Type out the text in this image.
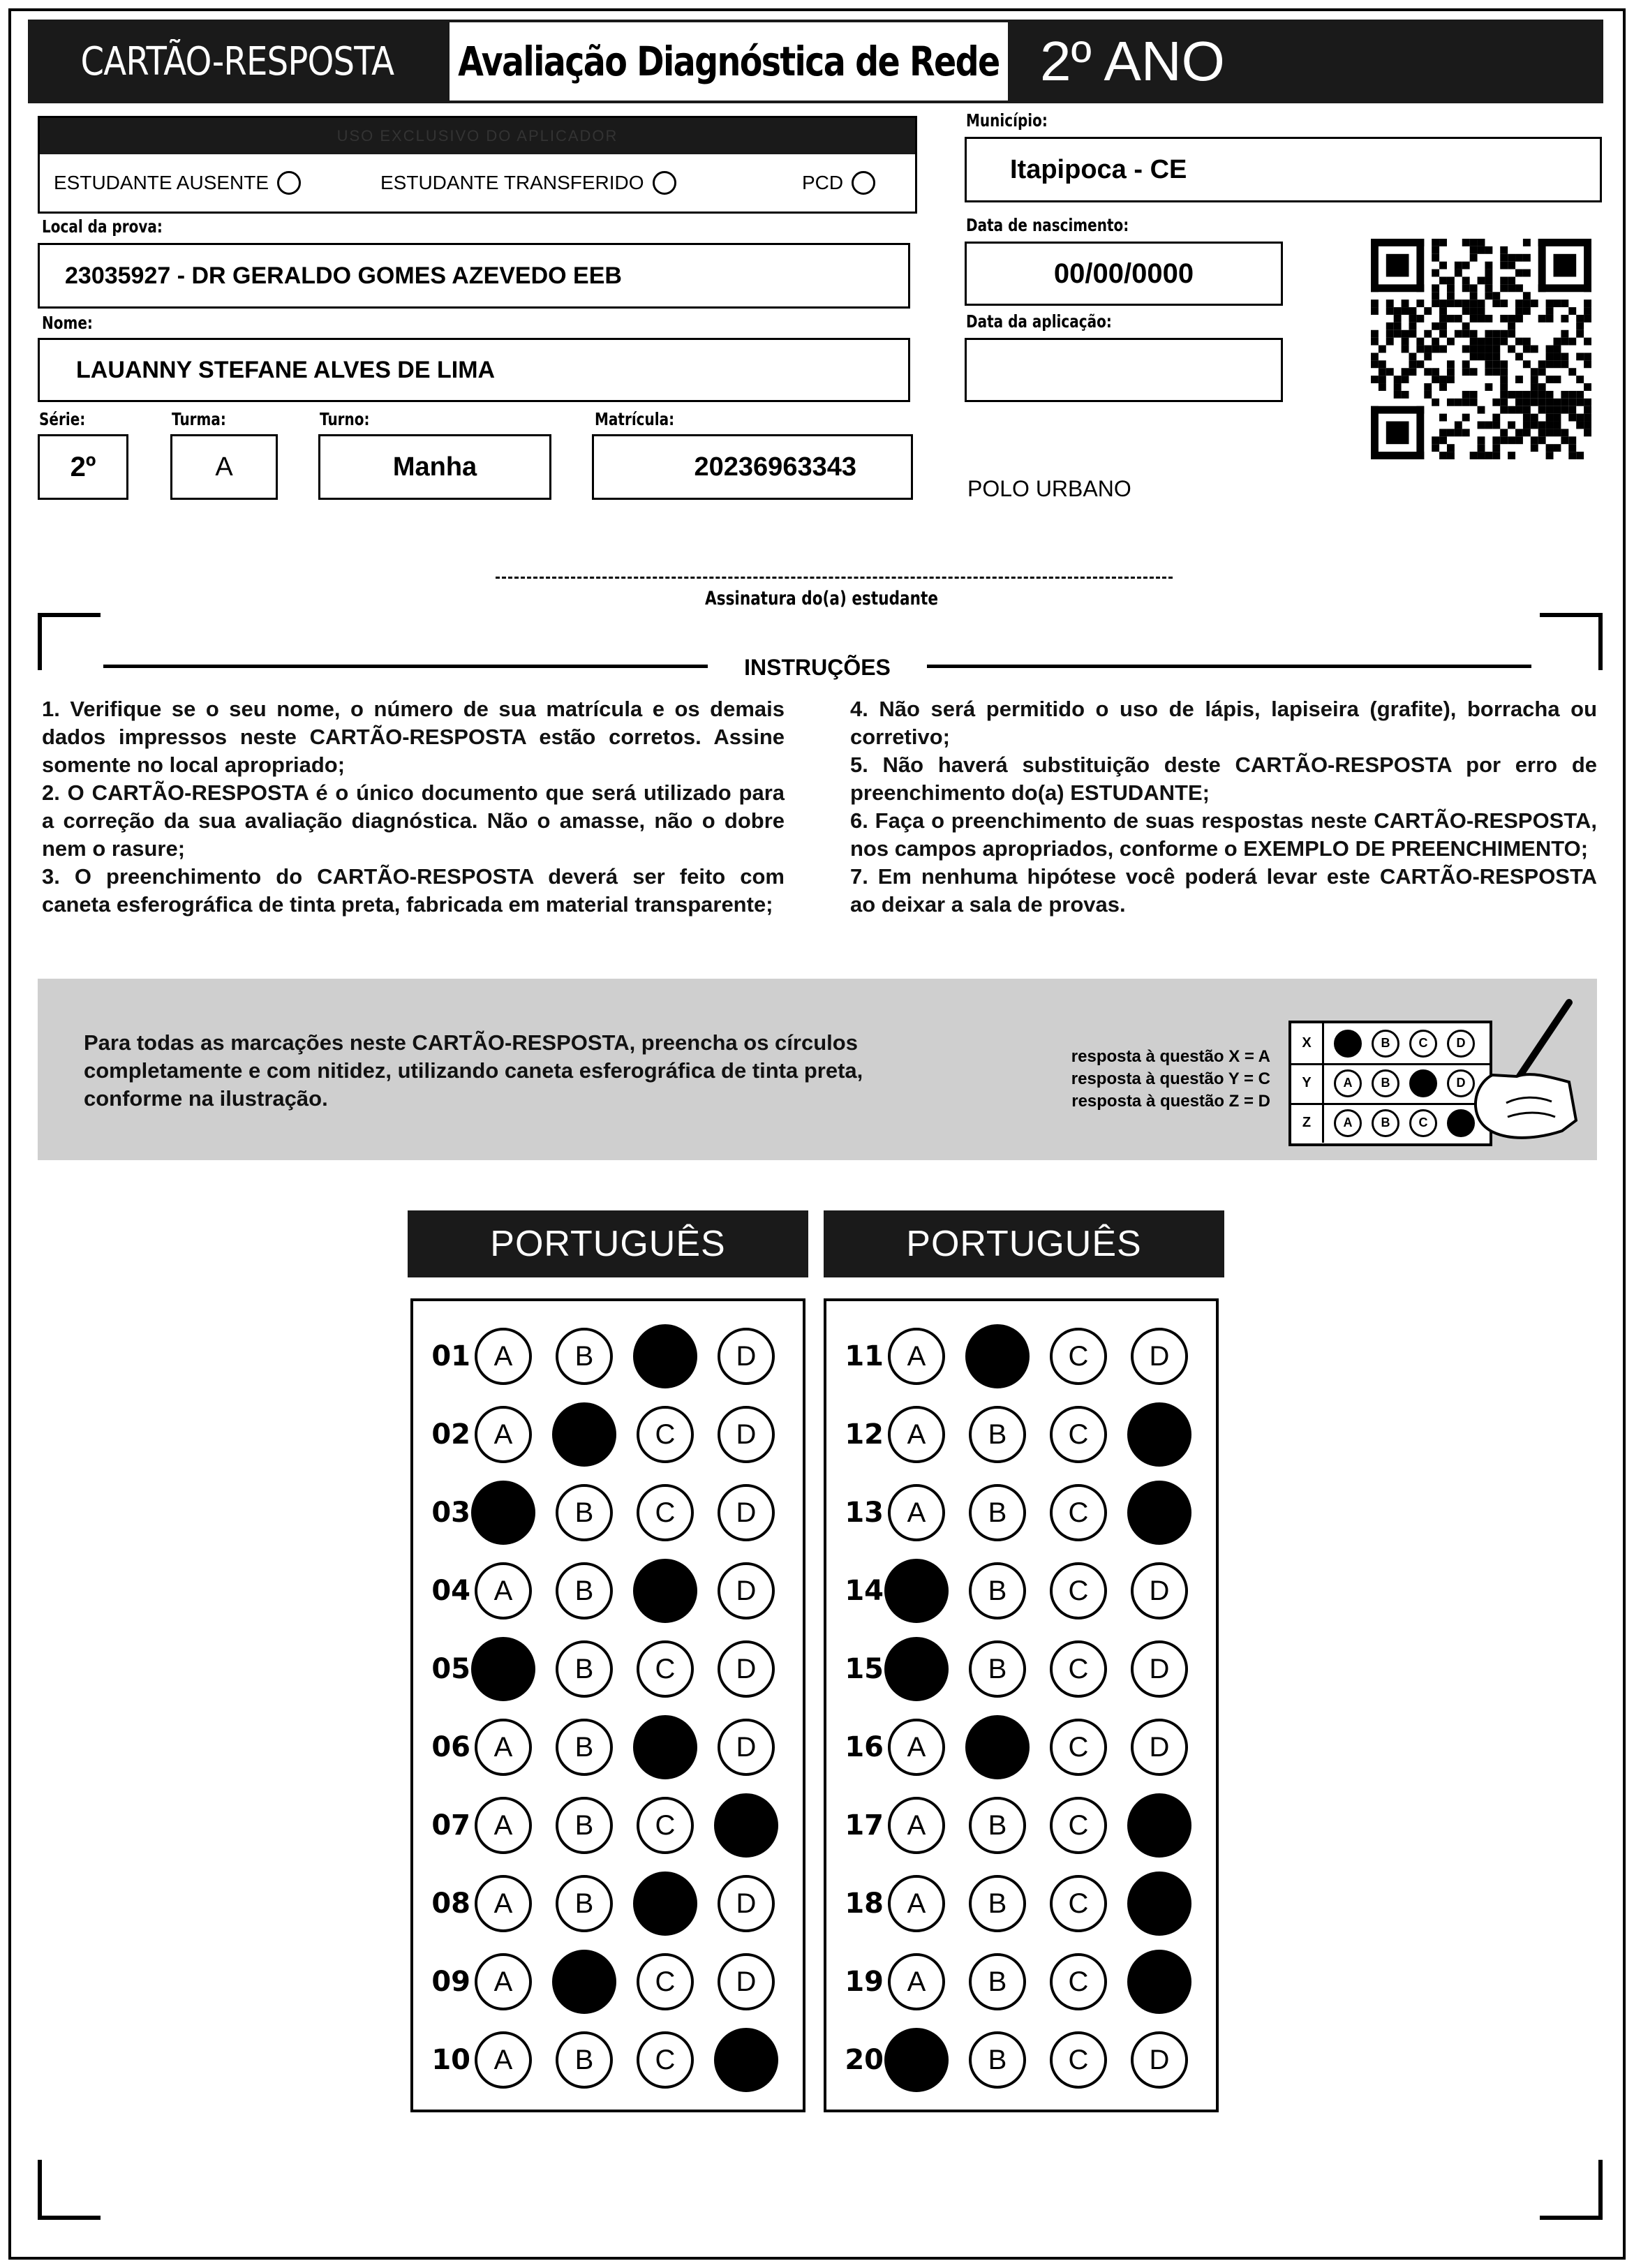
CARTÃO-RESPOSTA Avaliação Diagnóstica de Rede 2º ANO
USO EXCLUSIVO DO APLICADOR
ESTUDANTE AUSENTE	ESTUDANTE TRANSFERIDO	PCD
Município:
Itapipoca - CE
Local da prova:
23035927 - DR GERALDO GOMES AZEVEDO EEB
Data de nascimento:
00/00/0000
Nome:
LAUANNY STEFANE ALVES DE LIMA
Data da aplicação:
Série:
2º
Turma:
A
Turno:
Manha
Matrícula:
20236963343
POLO URBANO
Assinatura do(a) estudante
INSTRUÇÕES

1. Verifique se o seu nome, o número de sua matrícula e os demais dados impressos neste CARTÃO-RESPOSTA estão corretos. Assine somente no local apropriado;

2. O CARTÃO-RESPOSTA é o único documento que será utilizado para a correção da sua avaliação diagnóstica. Não o amasse, não o dobre nem o rasure;

3. O preenchimento do CARTÃO-RESPOSTA deverá ser feito com caneta esferográfica de tinta preta, fabricada em material transparente;

4. Não será permitido o uso de lápis, lapiseira (grafite), borracha ou corretivo;

5. Não haverá substituição deste CARTÃO-RESPOSTA por erro de preenchimento do(a) ESTUDANTE;

6. Faça o preenchimento de suas respostas neste CARTÃO-RESPOSTA, nos campos apropriados, conforme o EXEMPLO DE PREENCHIMENTO;

7. Em nenhuma hipótese você poderá levar este CARTÃO-RESPOSTA ao deixar a sala de provas.

Para todas as marcações neste CARTÃO-RESPOSTA, preencha os círculos completamente e com nitidez, utilizando caneta esferográfica de tinta preta, conforme na ilustração.
resposta à questão X = A
resposta à questão Y = C
resposta à questão Z = D
X	A	B	C	D
Y	A	B	C	D
Z	A	B	C	D
PORTUGUÊS	PORTUGUÊS
01 A	B	C	D
02 A	B	C	D
03 A	B	C	D
04 A	B	C	D
05 A	B	C	D
06 A	B	C	D
07 A	B	C	D
08 A	B	C	D
09 A	B	C	D
10 A	B	C	D
11 A	B	C	D
12 A	B	C	D
13 A	B	C	D
14 A	B	C	D
15 A	B	C	D
16 A	B	C	D
17 A	B	C	D
18 A	B	C	D
19 A	B	C	D
20 A	B	C	D
